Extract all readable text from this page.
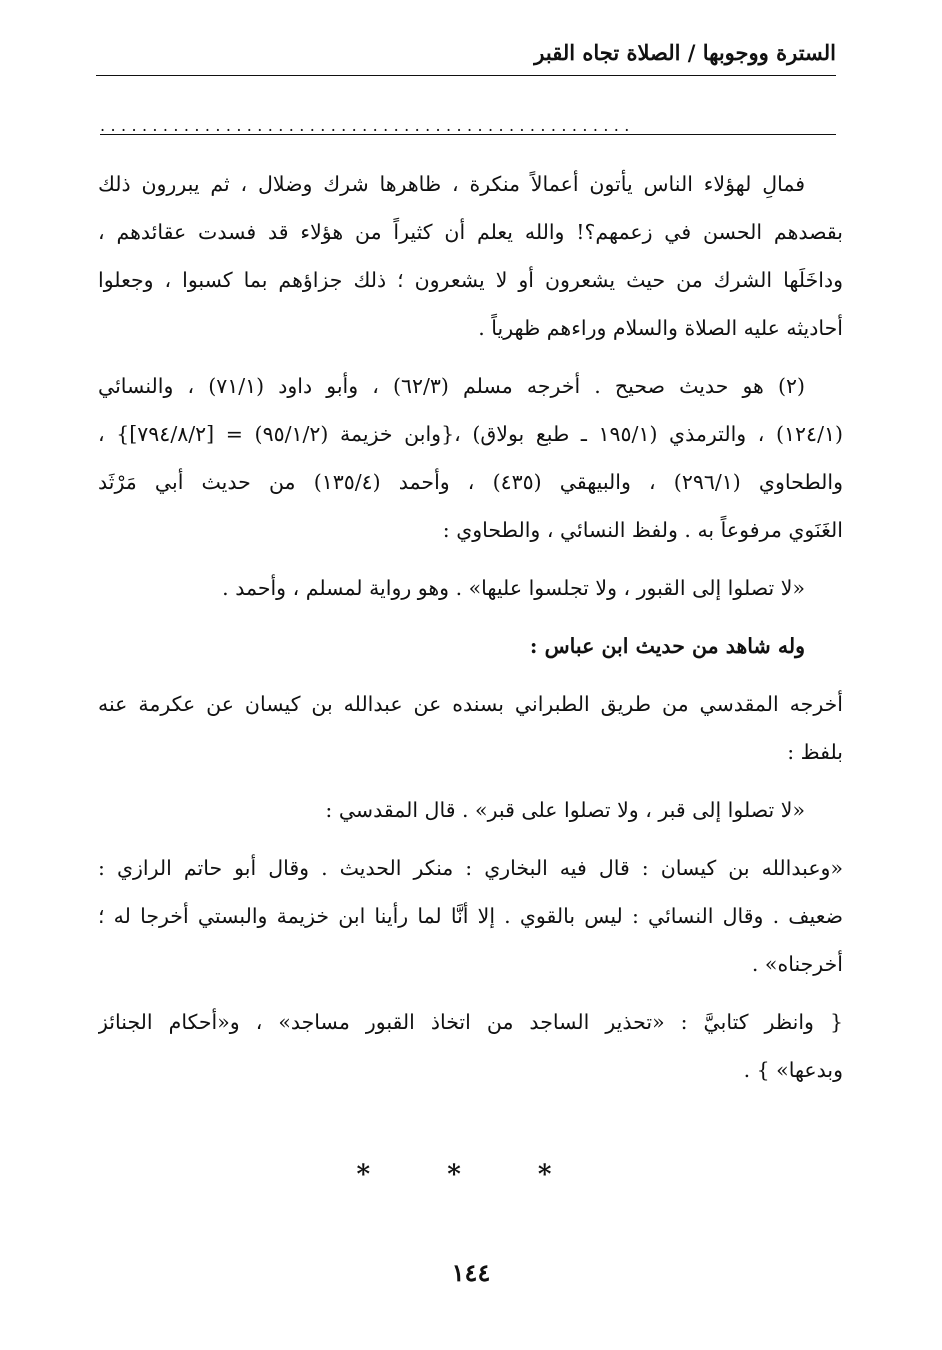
السترة ووجوبها / الصلاة تجاه القبر
...................................................
فمالِ لهؤلاء الناس يأتون أعمالاً منكرة ، ظاهرها شرك وضلال ، ثم يبررون ذلك
بقصدهم الحسن في زعمهم؟! والله يعلم أن كثيراً من هؤلاء قد فسدت عقائدهم ،
وداخَلَها الشرك من حيث يشعرون أو لا يشعرون ؛ ذلك جزاؤهم بما كسبوا ، وجعلوا
أحاديثه عليه الصلاة والسلام وراءهم ظهرياً .
(٢) هو حديث صحيح . أخرجه مسلم (٦٢/٣) ، وأبو داود (٧١/١) ، والنسائي
(١٢٤/١) ، والترمذي (١٩٥/١ ـ طبع بولاق) ،{وابن خزيمة (٩٥/١/٢) = [٧٩٤/٨/٢]} ،
والطحاوي (٢٩٦/١) ، والبيهقي (٤٣٥) ، وأحمد (١٣٥/٤) من حديث أبي مَرْثَد
الغَنَوي مرفوعاً به . ولفظ النسائي ، والطحاوي :
«لا تصلوا إلى القبور ، ولا تجلسوا عليها» . وهو رواية لمسلم ، وأحمد .
وله شاهد من حديث ابن عباس :
أخرجه المقدسي من طريق الطبراني بسنده عن عبدالله بن كيسان عن عكرمة عنه
بلفظ :
«لا تصلوا إلى قبر ، ولا تصلوا على قبر» . قال المقدسي :
«وعبدالله بن كيسان : قال فيه البخاري : منكر الحديث . وقال أبو حاتم الرازي :
ضعيف . وقال النسائي : ليس بالقوي . إلا أنَّا لما رأينا ابن خزيمة والبستي أخرجا له ؛
أخرجناه» .
{ وانظر كتابيَّ : «تحذير الساجد من اتخاذ القبور مساجد» ، و«أحكام الجنائز
وبدعها» } .
* * *
١٤٤
